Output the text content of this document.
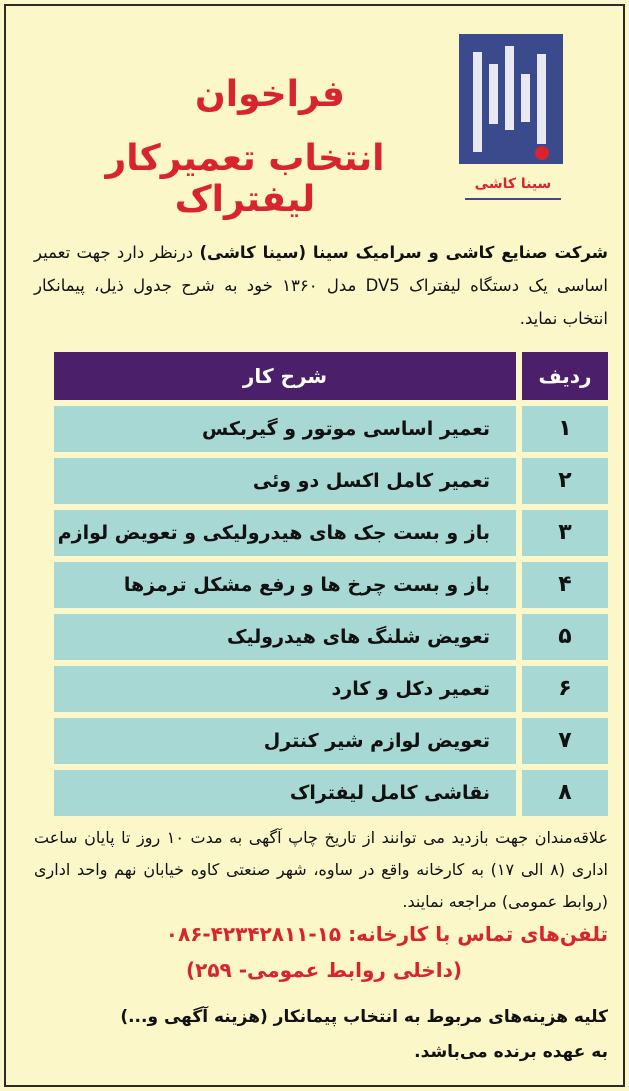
سینا کاشی
فراخوان
انتخاب تعمیرکار لیفتراک
شرکت صنایع کاشی و سرامیک سینا (سینا کاشی) درنظر دارد جهت تعمیر اساسی یک دستگاه لیفتراک DV5 مدل ۱۳۶۰ خود به شرح جدول ذیل، پیمانکار انتخاب نماید.
ردیف
شرح کار
۱
تعمیر اساسی موتور و گیربکس
۲
تعمیر کامل اکسل دو وئی
۳
باز و بست جک های هیدرولیکی و تعویض لوازم
۴
باز و بست چرخ ها و رفع مشکل ترمزها
۵
تعویض شلنگ های هیدرولیک
۶
تعمیر دکل و کارد
۷
تعویض لوازم شیر کنترل
۸
نقاشی کامل لیفتراک
علاقه‌مندان جهت بازدید می توانند از تاریخ چاپ آگهی به مدت ۱۰ روز تا پایان ساعت اداری (۸ الی ۱۷) به کارخانه واقع در ساوه، شهر صنعتی کاوه خیابان نهم واحد اداری (روابط عمومی) مراجعه نمایند.
تلفن‌های تماس با کارخانه: ۱۵-۴۲۳۴۲۸۱۱-۰۸۶
(داخلی روابط عمومی- ۲۵۹)
کلیه هزینه‌های مربوط به انتخاب پیمانکار (هزینه آگهی و...)
به عهده برنده می‌باشد.
